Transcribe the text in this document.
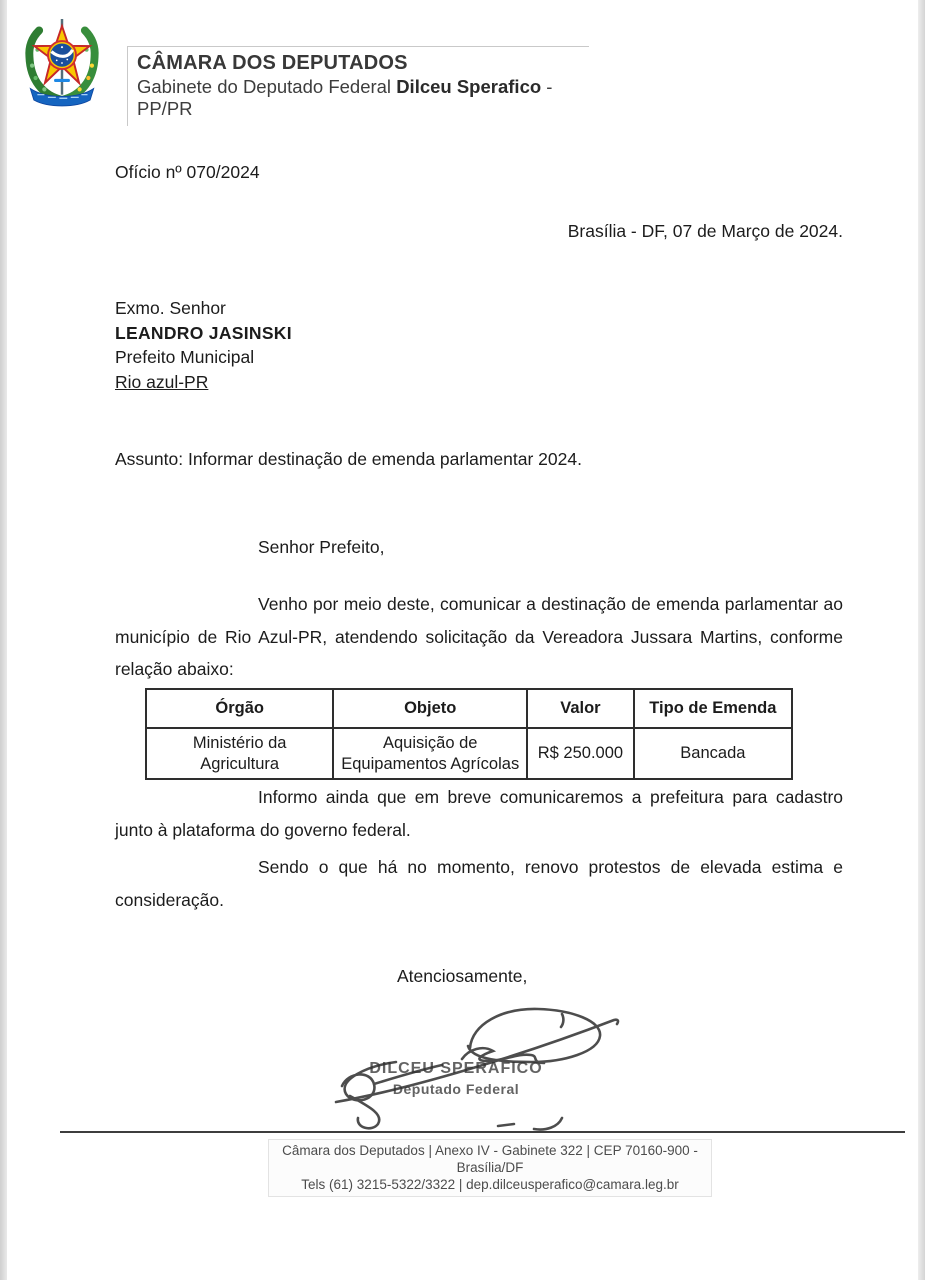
CÂMARA DOS DEPUTADOS
Gabinete do Deputado Federal Dilceu Sperafico - PP/PR
Ofício nº 070/2024
Brasília - DF, 07 de Março de 2024.
Exmo. Senhor
LEANDRO JASINSKI
Prefeito Municipal
Rio azul-PR
Assunto: Informar destinação de emenda parlamentar 2024.
Senhor Prefeito,
Venho por meio deste, comunicar a destinação de emenda parlamentar ao município de Rio Azul-PR, atendendo solicitação da Vereadora Jussara Martins, conforme relação abaixo:
Órgão	Objeto	Valor	Tipo de Emenda
Ministério da Agricultura	Aquisição de Equipamentos Agrícolas	R$ 250.000	Bancada
Informo ainda que em breve comunicaremos a prefeitura para cadastro junto à plataforma do governo federal.
Sendo o que há no momento, renovo protestos de elevada estima e consideração.
Atenciosamente,
DILCEU SPERAFICO
Deputado Federal
Câmara dos Deputados | Anexo IV - Gabinete 322 | CEP 70160-900 - Brasília/DF
Tels (61) 3215-5322/3322 | dep.dilceusperafico@camara.leg.br
